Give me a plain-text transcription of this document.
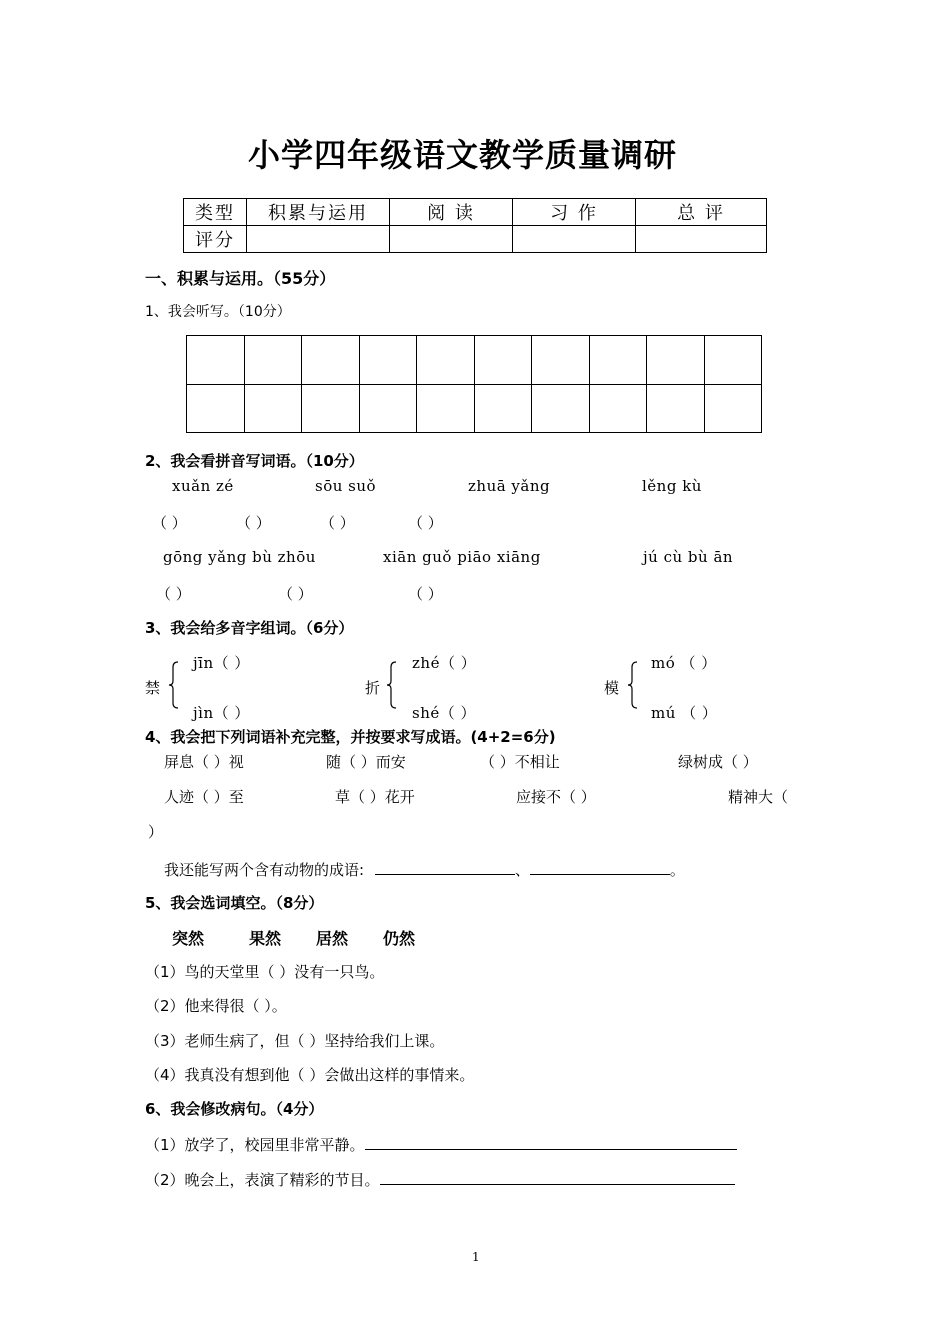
小学四年级语文教学质量调研
类型	积累与运用	阅 读	习 作	总 评
评分				
一、积累与运用。（55分）
1、我会听写。（10分）

2、我会看拼音写词语。（10分）
xuǎn zé	sōu suǒ	zhuā yǎng	lěng kù
（ ）	（ ）	（ ）	（ ）
gōng yǎng bù zhōu	xiān guǒ piāo xiāng	jú cù bù ān
（ ）	（ ）	（ ）
3、我会给多音字组词。（6分）
禁
jīn（ ）
jìn（ ）
折
zhé（ ）
shé（ ）
模
mó （ ）
mú （ ）
4、我会把下列词语补充完整，并按要求写成语。(4+2=6分)
屏息（ ）视	随（ ）而安	（ ）不相让	绿树成（ ）
人迹（ ）至	草（ ）花开	应接不（ ）	精神大（
）
我还能写两个含有动物的成语:	、	。
5、我会选词填空。（8分）
突然	果然 居然 仍然
（1）鸟的天堂里（ ）没有一只鸟。
（2）他来得很（ ）。
（3）老师生病了，但（ ）坚持给我们上课。
（4）我真没有想到他（ ）会做出这样的事情来。
6、我会修改病句。（4分）
（1）放学了，校园里非常平静。
（2）晚会上，表演了精彩的节目。
1
